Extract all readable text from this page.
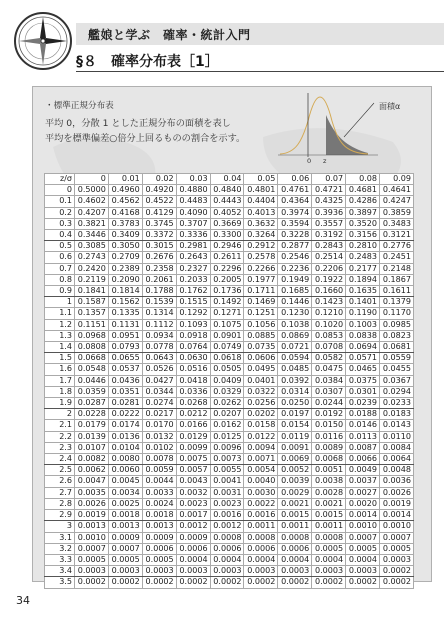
艦娘と学ぶ　確率・統計入門
§８　確率分布表［1］
・標準正規分布表
平均 0，分散 1 とした正規分布の面積を表し
平均を標準偏差○倍分上回るものの割合を示す。
面積α
0 z
z/σ	0	0.01	0.02	0.03	0.04	0.05	0.06	0.07	0.08	0.09
0	0.5000	0.4960	0.4920	0.4880	0.4840	0.4801	0.4761	0.4721	0.4681	0.4641
0.1	0.4602	0.4562	0.4522	0.4483	0.4443	0.4404	0.4364	0.4325	0.4286	0.4247
0.2	0.4207	0.4168	0.4129	0.4090	0.4052	0.4013	0.3974	0.3936	0.3897	0.3859
0.3	0.3821	0.3783	0.3745	0.3707	0.3669	0.3632	0.3594	0.3557	0.3520	0.3483
0.4	0.3446	0.3409	0.3372	0.3336	0.3300	0.3264	0.3228	0.3192	0.3156	0.3121
0.5	0.3085	0.3050	0.3015	0.2981	0.2946	0.2912	0.2877	0.2843	0.2810	0.2776
0.6	0.2743	0.2709	0.2676	0.2643	0.2611	0.2578	0.2546	0.2514	0.2483	0.2451
0.7	0.2420	0.2389	0.2358	0.2327	0.2296	0.2266	0.2236	0.2206	0.2177	0.2148
0.8	0.2119	0.2090	0.2061	0.2033	0.2005	0.1977	0.1949	0.1922	0.1894	0.1867
0.9	0.1841	0.1814	0.1788	0.1762	0.1736	0.1711	0.1685	0.1660	0.1635	0.1611
1	0.1587	0.1562	0.1539	0.1515	0.1492	0.1469	0.1446	0.1423	0.1401	0.1379
1.1	0.1357	0.1335	0.1314	0.1292	0.1271	0.1251	0.1230	0.1210	0.1190	0.1170
1.2	0.1151	0.1131	0.1112	0.1093	0.1075	0.1056	0.1038	0.1020	0.1003	0.0985
1.3	0.0968	0.0951	0.0934	0.0918	0.0901	0.0885	0.0869	0.0853	0.0838	0.0823
1.4	0.0808	0.0793	0.0778	0.0764	0.0749	0.0735	0.0721	0.0708	0.0694	0.0681
1.5	0.0668	0.0655	0.0643	0.0630	0.0618	0.0606	0.0594	0.0582	0.0571	0.0559
1.6	0.0548	0.0537	0.0526	0.0516	0.0505	0.0495	0.0485	0.0475	0.0465	0.0455
1.7	0.0446	0.0436	0.0427	0.0418	0.0409	0.0401	0.0392	0.0384	0.0375	0.0367
1.8	0.0359	0.0351	0.0344	0.0336	0.0329	0.0322	0.0314	0.0307	0.0301	0.0294
1.9	0.0287	0.0281	0.0274	0.0268	0.0262	0.0256	0.0250	0.0244	0.0239	0.0233
2	0.0228	0.0222	0.0217	0.0212	0.0207	0.0202	0.0197	0.0192	0.0188	0.0183
2.1	0.0179	0.0174	0.0170	0.0166	0.0162	0.0158	0.0154	0.0150	0.0146	0.0143
2.2	0.0139	0.0136	0.0132	0.0129	0.0125	0.0122	0.0119	0.0116	0.0113	0.0110
2.3	0.0107	0.0104	0.0102	0.0099	0.0096	0.0094	0.0091	0.0089	0.0087	0.0084
2.4	0.0082	0.0080	0.0078	0.0075	0.0073	0.0071	0.0069	0.0068	0.0066	0.0064
2.5	0.0062	0.0060	0.0059	0.0057	0.0055	0.0054	0.0052	0.0051	0.0049	0.0048
2.6	0.0047	0.0045	0.0044	0.0043	0.0041	0.0040	0.0039	0.0038	0.0037	0.0036
2.7	0.0035	0.0034	0.0033	0.0032	0.0031	0.0030	0.0029	0.0028	0.0027	0.0026
2.8	0.0026	0.0025	0.0024	0.0023	0.0023	0.0022	0.0021	0.0021	0.0020	0.0019
2.9	0.0019	0.0018	0.0018	0.0017	0.0016	0.0016	0.0015	0.0015	0.0014	0.0014
3	0.0013	0.0013	0.0013	0.0012	0.0012	0.0011	0.0011	0.0011	0.0010	0.0010
3.1	0.0010	0.0009	0.0009	0.0009	0.0008	0.0008	0.0008	0.0008	0.0007	0.0007
3.2	0.0007	0.0007	0.0006	0.0006	0.0006	0.0006	0.0006	0.0005	0.0005	0.0005
3.3	0.0005	0.0005	0.0005	0.0004	0.0004	0.0004	0.0004	0.0004	0.0004	0.0003
3.4	0.0003	0.0003	0.0003	0.0003	0.0003	0.0003	0.0003	0.0003	0.0003	0.0002
3.5	0.0002	0.0002	0.0002	0.0002	0.0002	0.0002	0.0002	0.0002	0.0002	0.0002
34
